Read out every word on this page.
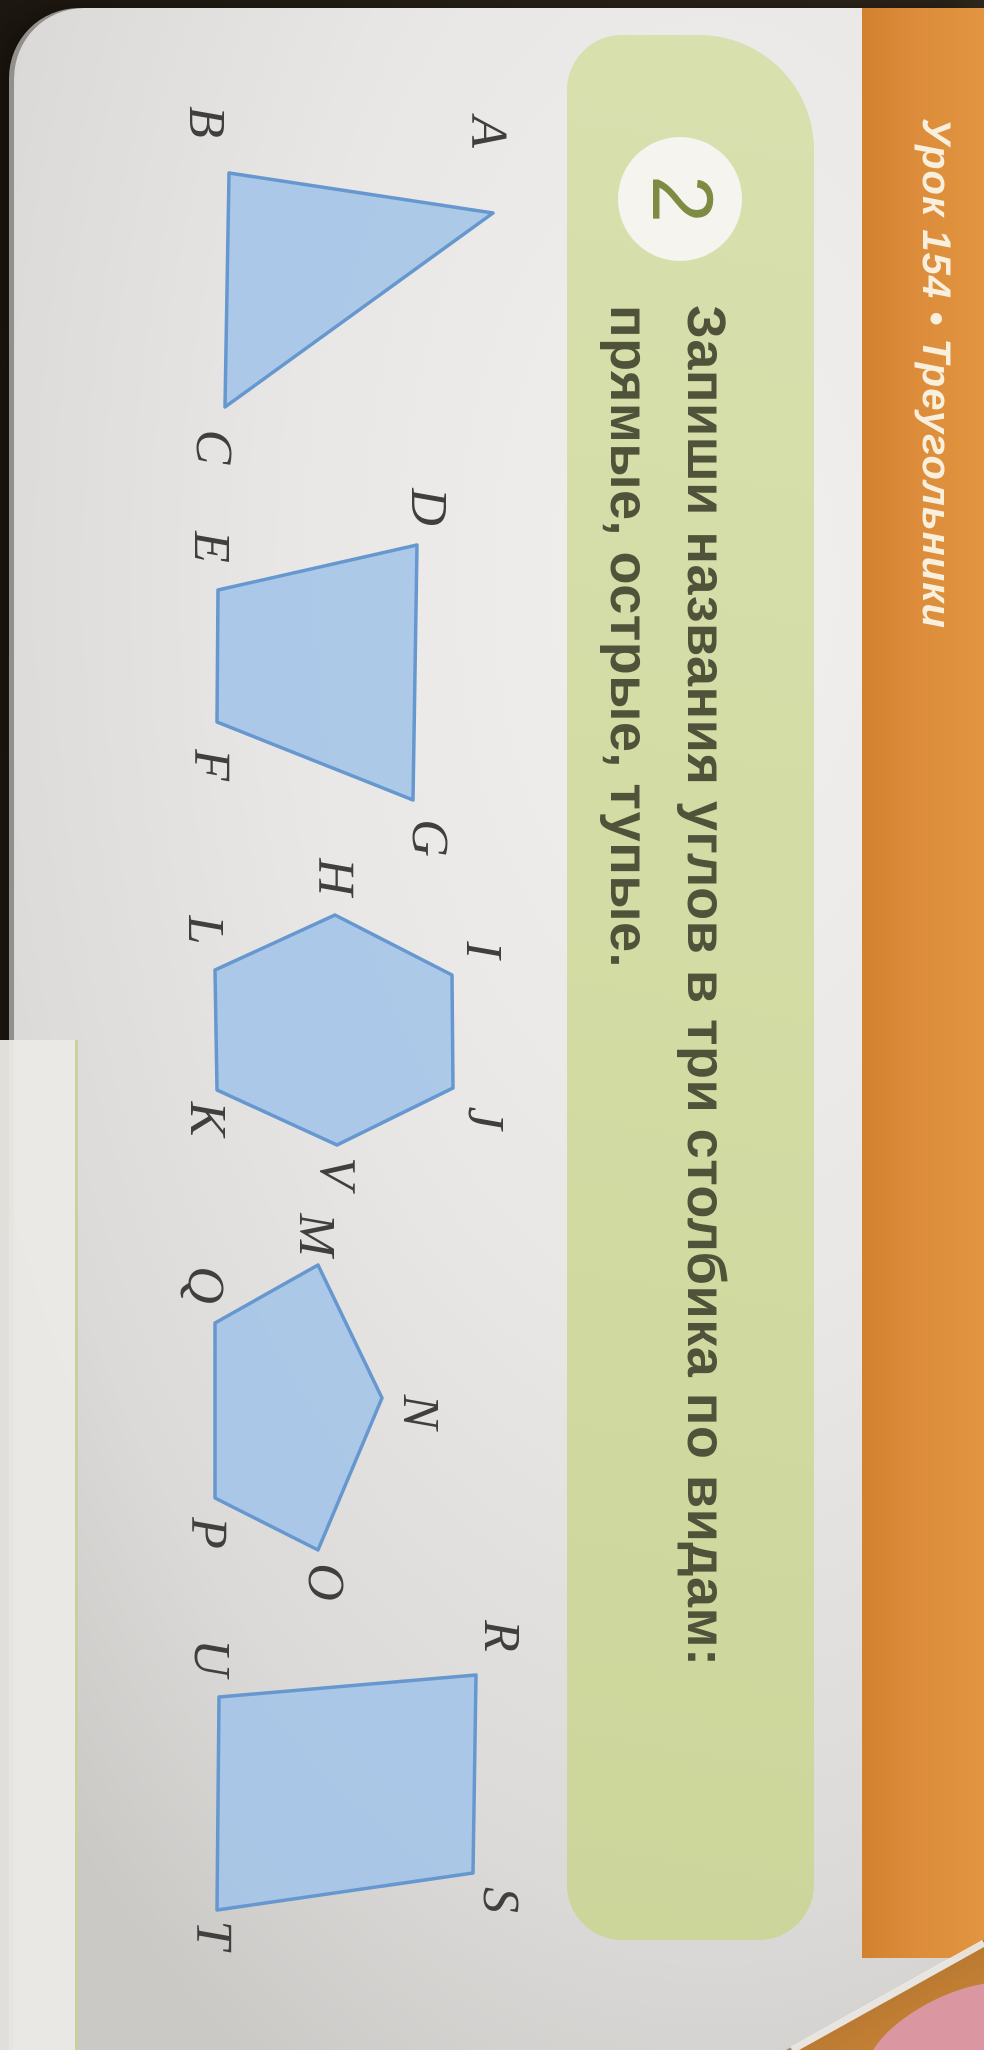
Урок 154 • Треугольники
2
Запиши названия углов в три столбика по видам:
прямые, острые, тупые.
A
B
C
D
E
F
G
H
I
J
V
K
L
M
N
O
P
Q
R
S
T
U
